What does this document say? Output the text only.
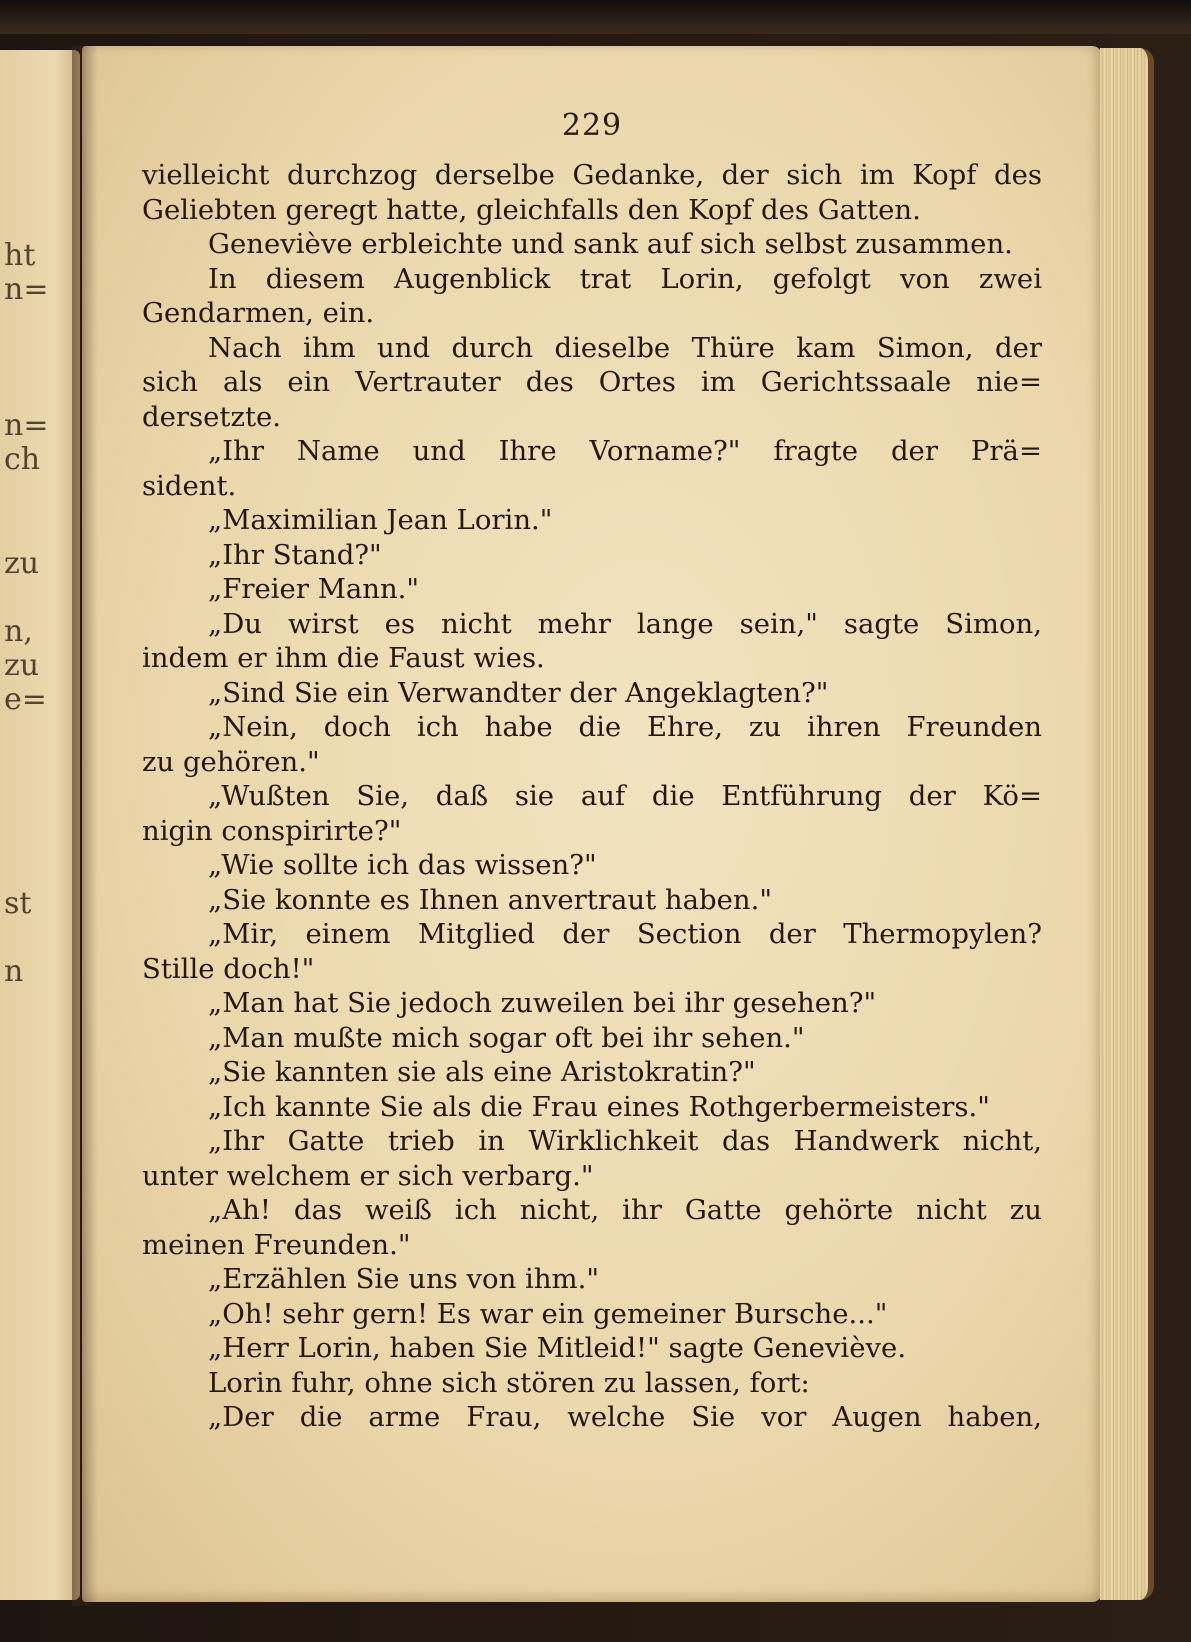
ht
n=
n=
ch
zu
n,
zu
e=
st
n
229
vielleicht durchzog derselbe Gedanke, der sich im Kopf des
Geliebten geregt hatte, gleichfalls den Kopf des Gatten.
Geneviève erbleichte und sank auf sich selbst zusammen.
In diesem Augenblick trat Lorin, gefolgt von zwei
Gendarmen, ein.
Nach ihm und durch dieselbe Thüre kam Simon, der
sich als ein Vertrauter des Ortes im Gerichtssaale nie=
dersetzte.
„Ihr Name und Ihre Vorname?" fragte der Prä=
sident.
„Maximilian Jean Lorin."
„Ihr Stand?"
„Freier Mann."
„Du wirst es nicht mehr lange sein," sagte Simon,
indem er ihm die Faust wies.
„Sind Sie ein Verwandter der Angeklagten?"
„Nein, doch ich habe die Ehre, zu ihren Freunden
zu gehören."
„Wußten Sie, daß sie auf die Entführung der Kö=
nigin conspirirte?"
„Wie sollte ich das wissen?"
„Sie konnte es Ihnen anvertraut haben."
„Mir, einem Mitglied der Section der Thermopylen?
Stille doch!"
„Man hat Sie jedoch zuweilen bei ihr gesehen?"
„Man mußte mich sogar oft bei ihr sehen."
„Sie kannten sie als eine Aristokratin?"
„Ich kannte Sie als die Frau eines Rothgerbermeisters."
„Ihr Gatte trieb in Wirklichkeit das Handwerk nicht,
unter welchem er sich verbarg."
„Ah! das weiß ich nicht, ihr Gatte gehörte nicht zu
meinen Freunden."
„Erzählen Sie uns von ihm."
„Oh! sehr gern! Es war ein gemeiner Bursche..."
„Herr Lorin, haben Sie Mitleid!" sagte Geneviève.
Lorin fuhr, ohne sich stören zu lassen, fort:
„Der die arme Frau, welche Sie vor Augen haben,
